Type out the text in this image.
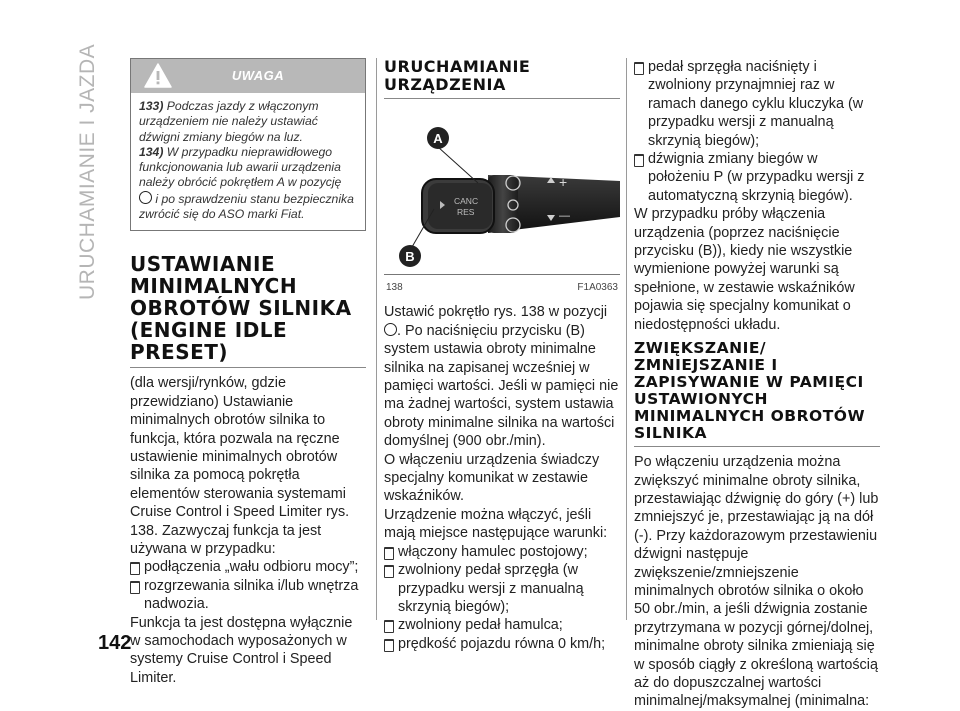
URUCHAMIANIE I JAZDA
142
UWAGA

133) Podczas jazdy z włączonym urządzeniem nie należy ustawiać dźwigni zmiany biegów na luz.

134) W przypadku nieprawidłowego funkcjonowania lub awarii urządzenia należy obrócić pokrętłem A w pozycję  i po sprawdzeniu stanu bezpiecznika zwrócić się do ASO marki Fiat.

USTAWIANIE MINIMALNYCH OBROTÓW SILNIKA (ENGINE IDLE PRESET)

(dla wersji/rynków, gdzie przewidziano) Ustawianie minimalnych obrotów silnika to funkcja, która pozwala na ręczne ustawienie minimalnych obrotów silnika za pomocą pokrętła elementów sterowania systemami Cruise Control i Speed Limiter rys. 138. Zazwyczaj funkcja ta jest używana w przypadku:

podłączenia „wału odbioru mocy”;
rozgrzewania silnika i/lub wnętrza nadwozia.

Funkcja ta jest dostępna wyłącznie w samochodach wyposażonych w systemy Cruise Control i Speed Limiter.

URUCHAMIANIE URZĄDZENIA
CANC
RES
+
—
A
B
138	F1A0363

Ustawić pokrętło rys. 138 w pozycji . Po naciśnięciu przycisku (B) system ustawia obroty minimalne silnika na zapisanej wcześniej w pamięci wartości. Jeśli w pamięci nie ma żadnej wartości, system ustawia obroty minimalne silnika na wartości domyślnej (900 obr./min).

O włączeniu urządzenia świadczy specjalny komunikat w zestawie wskaźników.

Urządzenie można włączyć, jeśli mają miejsce następujące warunki:

włączony hamulec postojowy;
zwolniony pedał sprzęgła (w przypadku wersji z manualną skrzynią biegów);
zwolniony pedał hamulca;
prędkość pojazdu równa 0 km/h;
pedał sprzęgła naciśnięty i zwolniony przynajmniej raz w ramach danego cyklu kluczyka (w przypadku wersji z manualną skrzynią biegów);
dźwignia zmiany biegów w położeniu P (w przypadku wersji z automatyczną skrzynią biegów).

W przypadku próby włączenia urządzenia (poprzez naciśnięcie przycisku (B)), kiedy nie wszystkie wymienione powyżej warunki są spełnione, w zestawie wskaźników pojawia się specjalny komunikat o niedostępności układu.

ZWIĘKSZANIE/ ZMNIEJSZANIE I ZAPISYWANIE W PAMIĘCI USTAWIONYCH MINIMALNYCH OBROTÓW SILNIKA

Po włączeniu urządzenia można zwiększyć minimalne obroty silnika, przestawiając dźwignię do góry (+) lub zmniejszyć je, przestawiając ją na dół (-). Przy każdorazowym przestawieniu dźwigni następuje zwiększenie/zmniejszenie minimalnych obrotów silnika o około 50 obr./min, a jeśli dźwignia zostanie przytrzymana w pozycji górnej/dolnej, minimalne obroty silnika zmieniają się w sposób ciągły z określoną wartością aż do dopuszczalnej wartości minimalnej/maksymalnej (minimalna:
